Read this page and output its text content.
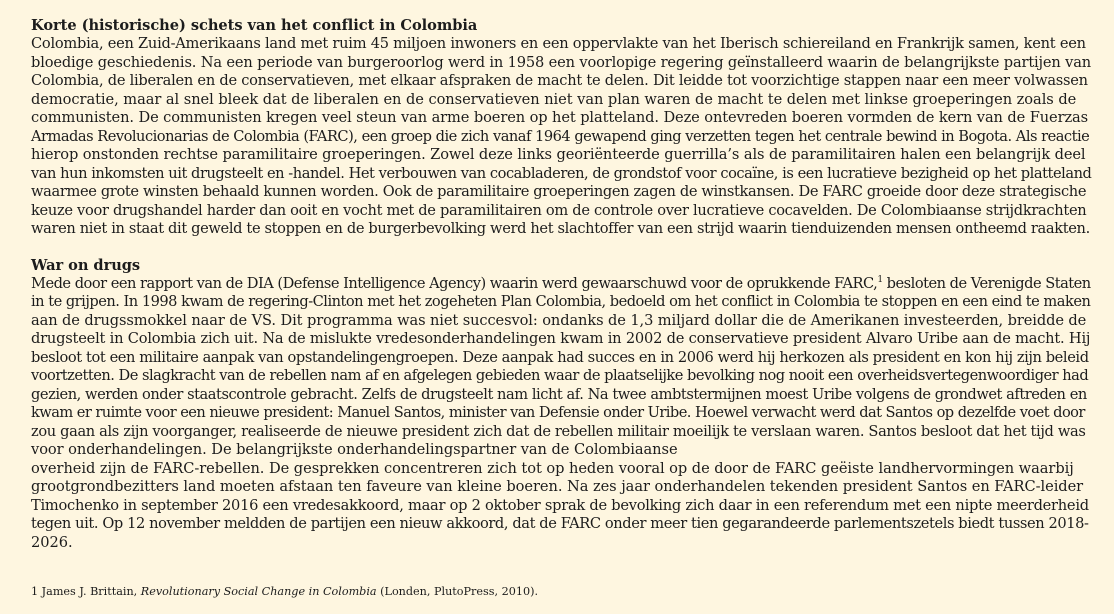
Korte (historische) schets van het conflict in Colombia
Colombia, een Zuid-Amerikaans land met ruim 45 miljoen inwoners en een oppervlakte van het Iberisch schiereiland en Frankrijk samen, kent een
bloedige geschiedenis. Na een periode van burgeroorlog werd in 1958 een voorlopige regering geïnstalleerd waarin de belangrijkste partijen van
Colombia, de liberalen en de conservatieven, met elkaar afspraken de macht te delen. Dit leidde tot voorzichtige stappen naar een meer volwassen
democratie, maar al snel bleek dat de liberalen en de conservatieven niet van plan waren de macht te delen met linkse groeperingen zoals de
communisten. De communisten kregen veel steun van arme boeren op het platteland. Deze ontevreden boeren vormden de kern van de Fuerzas
Armadas Revolucionarias de Colombia (FARC), een groep die zich vanaf 1964 gewapend ging verzetten tegen het centrale bewind in Bogota. Als reactie
hierop onstonden rechtse paramilitaire groeperingen. Zowel deze links georiënteerde guerrilla’s als de paramilitairen halen een belangrijk deel
van hun inkomsten uit drugsteelt en -handel. Het verbouwen van cocabladeren, de grondstof voor cocaïne, is een lucratieve bezigheid op het platteland
waarmee grote winsten behaald kunnen worden. Ook de paramilitaire groeperingen zagen de winstkansen. De FARC groeide door deze strategische
keuze voor drugshandel harder dan ooit en vocht met de paramilitairen om de controle over lucratieve cocavelden. De Colombiaanse strijdkrachten
waren niet in staat dit geweld te stoppen en de burgerbevolking werd het slachtoffer van een strijd waarin tienduizenden mensen ontheemd raakten.
War on drugs
Mede door een rapport van de DIA (Defense Intelligence Agency) waarin werd gewaarschuwd voor de oprukkende FARC,$^1$ besloten de Verenigde Staten
in te grijpen. In 1998 kwam de regering-Clinton met het zogeheten Plan Colombia, bedoeld om het conflict in Colombia te stoppen en een eind te maken
aan de drugssmokkel naar de VS. Dit programma was niet succesvol: ondanks de 1,3 miljard dollar die de Amerikanen investeerden, breidde de
drugsteelt in Colombia zich uit. Na de mislukte vredesonderhandelingen kwam in 2002 de conservatieve president Alvaro Uribe aan de macht. Hij
besloot tot een militaire aanpak van opstandelingengroepen. Deze aanpak had succes en in 2006 werd hij herkozen als president en kon hij zijn beleid
voortzetten. De slagkracht van de rebellen nam af en afgelegen gebieden waar de plaatselijke bevolking nog nooit een overheidsvertegenwoordiger had
gezien, werden onder staatscontrole gebracht. Zelfs de drugsteelt nam licht af. Na twee ambtstermijnen moest Uribe volgens de grondwet aftreden en
kwam er ruimte voor een nieuwe president: Manuel Santos, minister van Defensie onder Uribe. Hoewel verwacht werd dat Santos op dezelfde voet door
zou gaan als zijn voorganger, realiseerde de nieuwe president zich dat de rebellen militair moeilijk te verslaan waren. Santos besloot dat het tijd was
voor onderhandelingen. De belangrijkste onderhandelingspartner van de Colombiaanse
overheid zijn de FARC-rebellen. De gesprekken concentreren zich tot op heden vooral op de door de FARC geëiste landhervormingen waarbij
grootgrondbezitters land moeten afstaan ten faveure van kleine boeren. Na zes jaar onderhandelen tekenden president Santos en FARC-leider
Timochenko in september 2016 een vredesakkoord, maar op 2 oktober sprak de bevolking zich daar in een referendum met een nipte meerderheid
tegen uit. Op 12 november meldden de partijen een nieuw akkoord, dat de FARC onder meer tien gegarandeerde parlementszetels biedt tussen 2018-
2026.
1 James J. Brittain, Revolutionary Social Change in Colombia (Londen, PlutoPress, 2010).
